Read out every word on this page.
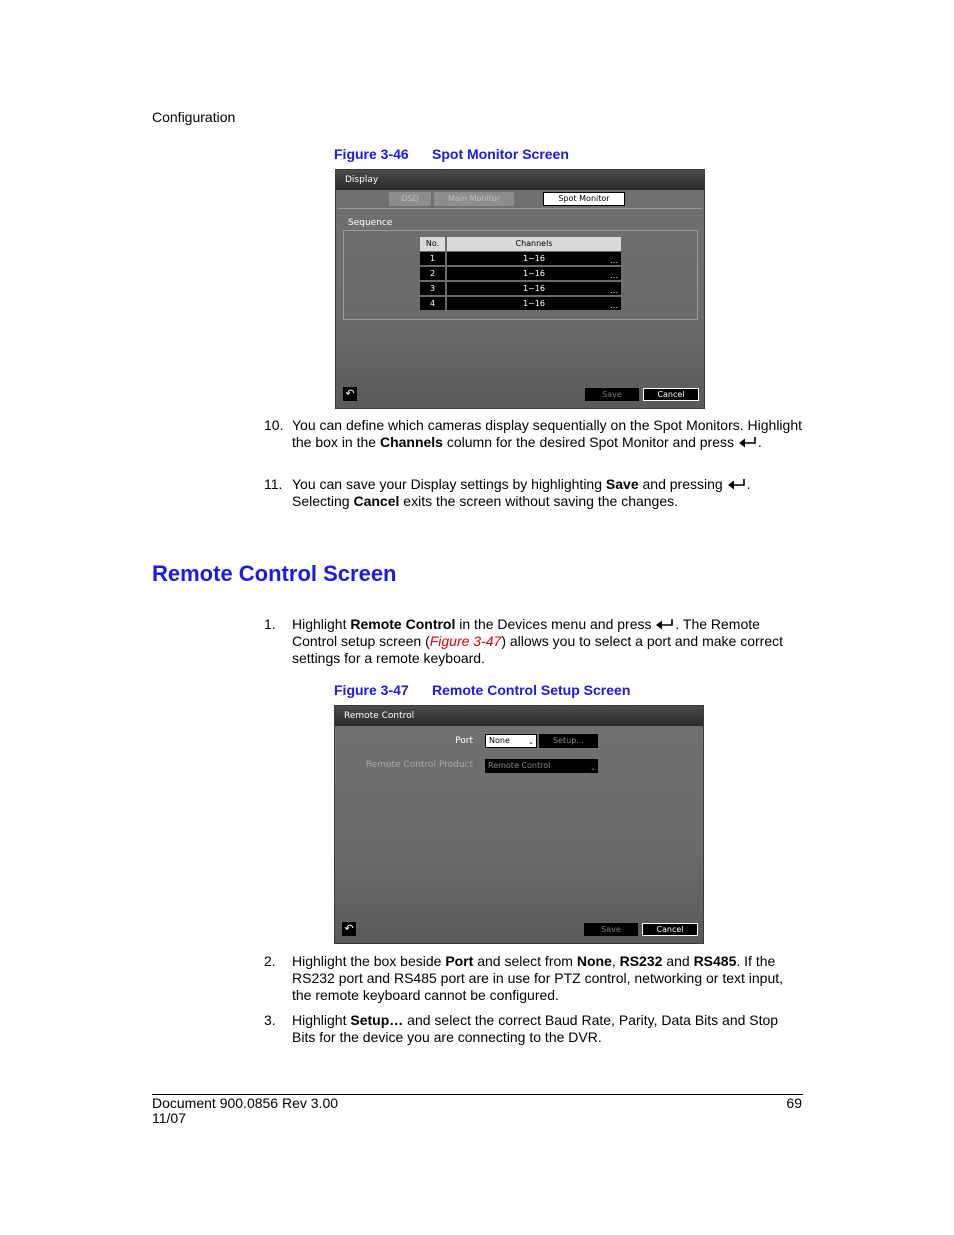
Configuration
Figure 3-46 Spot Monitor Screen
Display
OSD	Main Monitor	Spot Monitor
Sequence
No.	Channels
1	1~16	...
2	1~16	...
3	1~16	...
4	1~16	...
↶	Save	Cancel
10. You can define which cameras display sequentially on the Spot Monitors. Highlight the box in the Channels column for the desired Spot Monitor and press .
11. You can save your Display settings by highlighting Save and pressing . Selecting Cancel exits the screen without saving the changes.
Remote Control Screen
1. Highlight Remote Control in the Devices menu and press . The Remote Control setup screen (Figure 3-47) allows you to select a port and make correct settings for a remote keyboard.
Figure 3-47 Remote Control Setup Screen
Remote Control
Port	None	⌄	Setup...
Remote Control Product	Remote Control	⌄
↶	Save	Cancel
2. Highlight the box beside Port and select from None, RS232 and RS485. If the RS232 port and RS485 port are in use for PTZ control, networking or text input, the remote keyboard cannot be configured.
3. Highlight Setup… and select the correct Baud Rate, Parity, Data Bits and Stop Bits for the device you are connecting to the DVR.
Document 900.0856 Rev 3.00
11/07
69
